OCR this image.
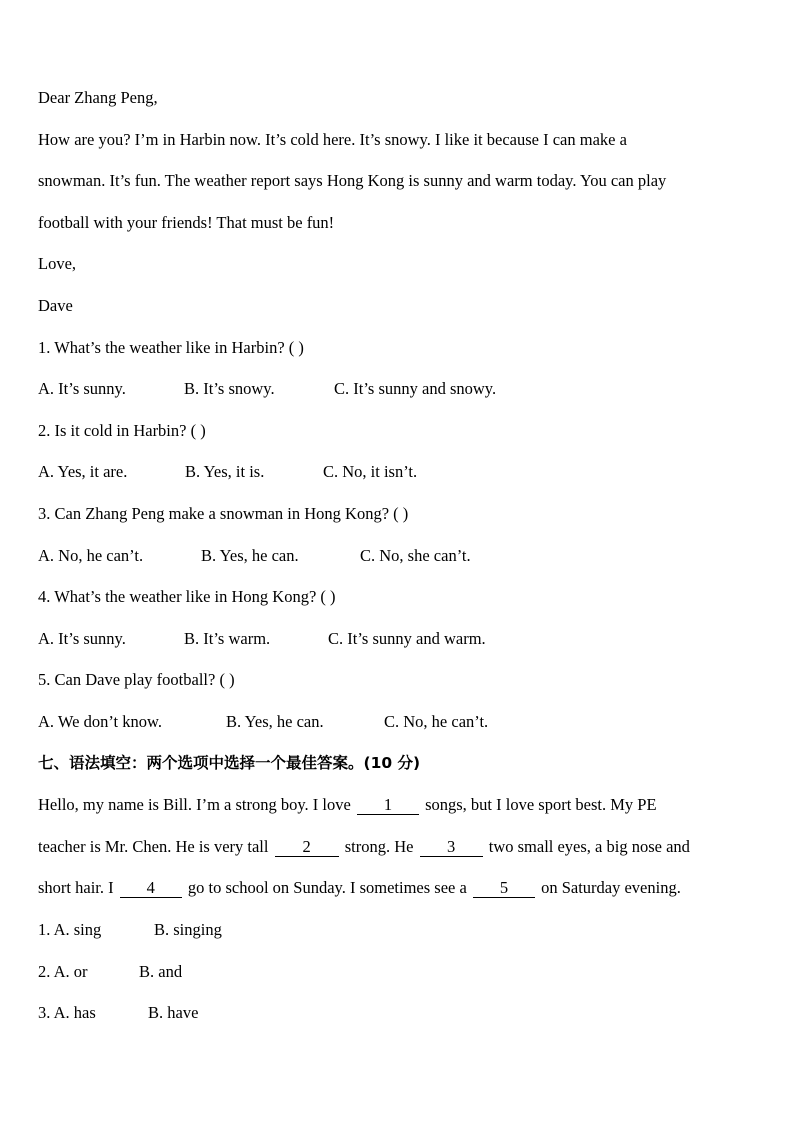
Dear Zhang Peng,
How are you? I’m in Harbin now. It’s cold here. It’s snowy. I like it because I can make a
snowman. It’s fun. The weather report says Hong Kong is sunny and warm today. You can play
football with your friends! That must be fun!
Love,
Dave
1. What’s the weather like in Harbin? ( )
A. It’s sunny.	B. It’s snowy.	C. It’s sunny and snowy.
2. Is it cold in Harbin? ( )
A. Yes, it are.	B. Yes, it is.	C. No, it isn’t.
3. Can Zhang Peng make a snowman in Hong Kong? ( )
A. No, he can’t.	B. Yes, he can.	C. No, she can’t.
4. What’s the weather like in Hong Kong? ( )
A. It’s sunny.	B. It’s warm.	C. It’s sunny and warm.
5. Can Dave play football? ( )
A. We don’t know.	B. Yes, he can.	C. No, he can’t.
七、语法填空：两个选项中选择一个最佳答案。(10 分)
Hello, my name is Bill. I’m a strong boy. I love 1 songs, but I love sport best. My PE
teacher is Mr. Chen. He is very tall 2 strong. He 3 two small eyes, a big nose and
short hair. I 4 go to school on Sunday. I sometimes see a 5 on Saturday evening.
1. A. sing	B. singing
2. A. or	B. and
3. A. has	B. have
